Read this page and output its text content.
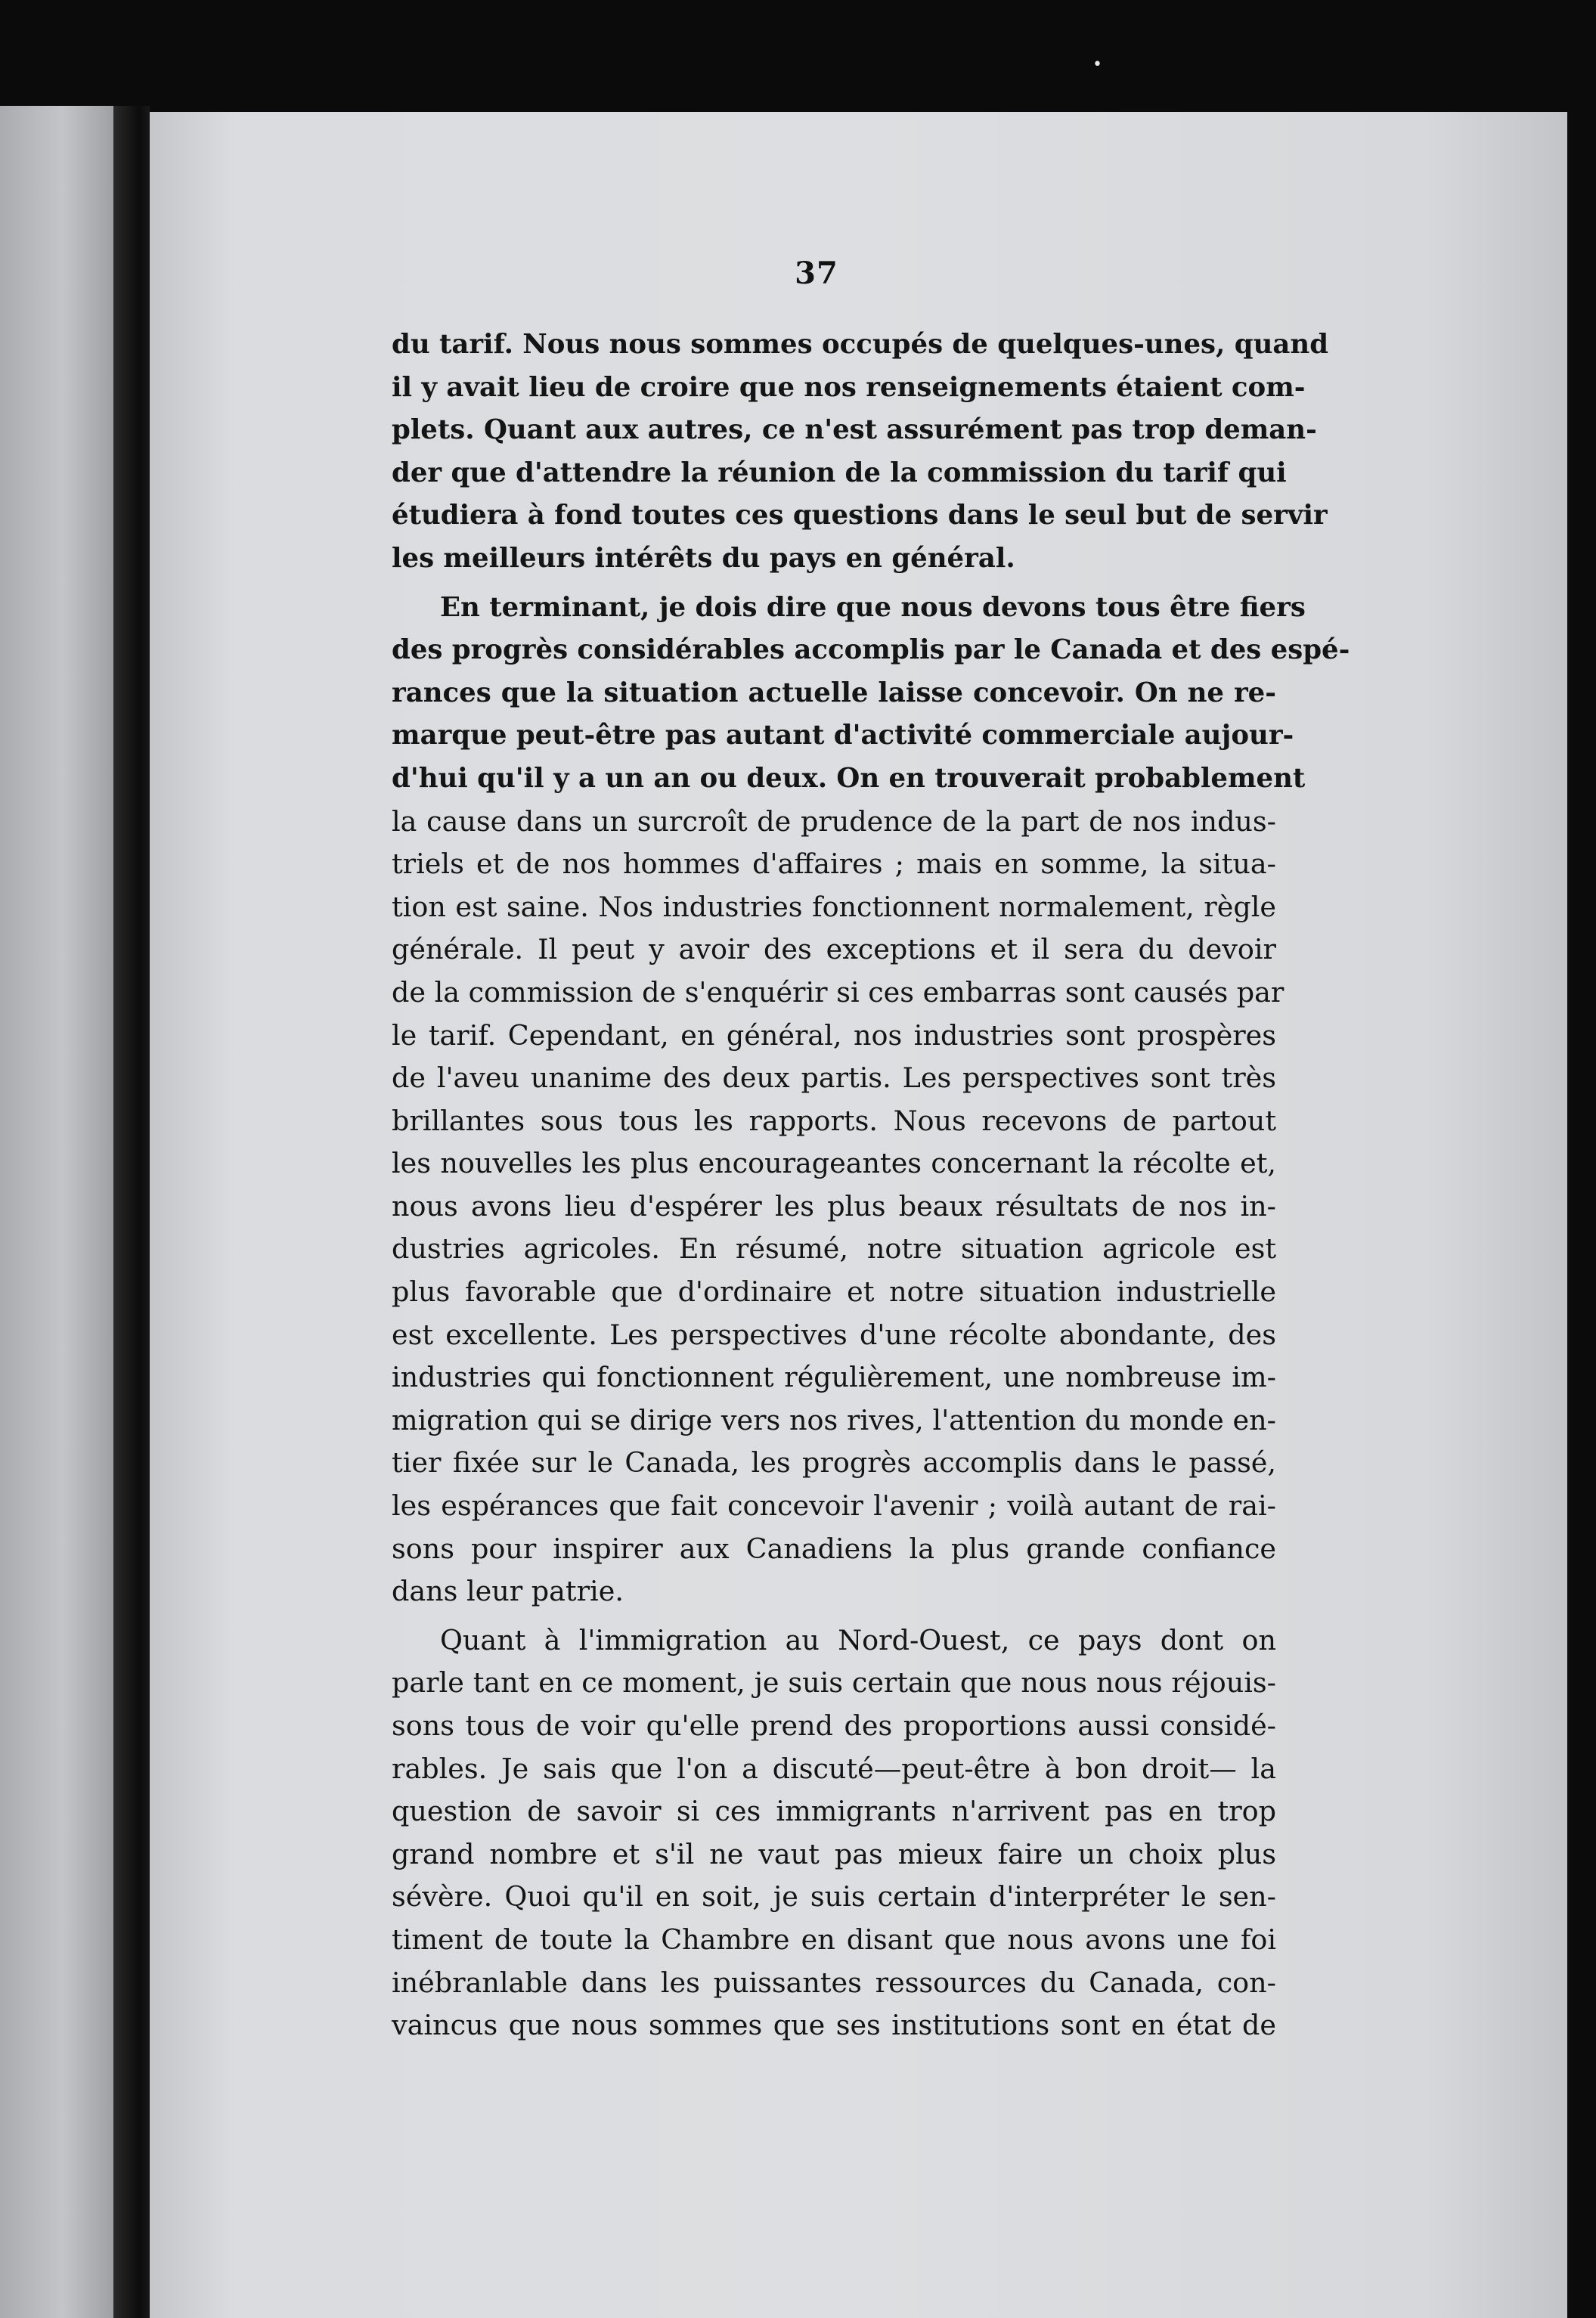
•
37
du tarif. Nous nous sommes occupés de quelques-unes, quand
il y avait lieu de croire que nos renseignements étaient com-
plets. Quant aux autres, ce n'est assurément pas trop deman-
der que d'attendre la réunion de la commission du tarif qui
étudiera à fond toutes ces questions dans le seul but de servir
les meilleurs intérêts du pays en général.
En terminant, je dois dire que nous devons tous être fiers
des progrès considérables accomplis par le Canada et des espé-
rances que la situation actuelle laisse concevoir. On ne re-
marque peut-être pas autant d'activité commerciale aujour-
d'hui qu'il y a un an ou deux. On en trouverait probablement
la cause dans un surcroît de prudence de la part de nos indus-
triels et de nos hommes d'affaires ; mais en somme, la situa-
tion est saine. Nos industries fonctionnent normalement, règle
générale. Il peut y avoir des exceptions et il sera du devoir
de la commission de s'enquérir si ces embarras sont causés par
le tarif. Cependant, en général, nos industries sont prospères
de l'aveu unanime des deux partis. Les perspectives sont très
brillantes sous tous les rapports. Nous recevons de partout
les nouvelles les plus encourageantes concernant la récolte et,
nous avons lieu d'espérer les plus beaux résultats de nos in-
dustries agricoles. En résumé, notre situation agricole est
plus favorable que d'ordinaire et notre situation industrielle
est excellente. Les perspectives d'une récolte abondante, des
industries qui fonctionnent régulièrement, une nombreuse im-
migration qui se dirige vers nos rives, l'attention du monde en-
tier fixée sur le Canada, les progrès accomplis dans le passé,
les espérances que fait concevoir l'avenir ; voilà autant de rai-
sons pour inspirer aux Canadiens la plus grande confiance
dans leur patrie.
Quant à l'immigration au Nord-Ouest, ce pays dont on
parle tant en ce moment, je suis certain que nous nous réjouis-
sons tous de voir qu'elle prend des proportions aussi considé-
rables. Je sais que l'on a discuté—peut-être à bon droit— la
question de savoir si ces immigrants n'arrivent pas en trop
grand nombre et s'il ne vaut pas mieux faire un choix plus
sévère. Quoi qu'il en soit, je suis certain d'interpréter le sen-
timent de toute la Chambre en disant que nous avons une foi
inébranlable dans les puissantes ressources du Canada, con-
vaincus que nous sommes que ses institutions sont en état de
